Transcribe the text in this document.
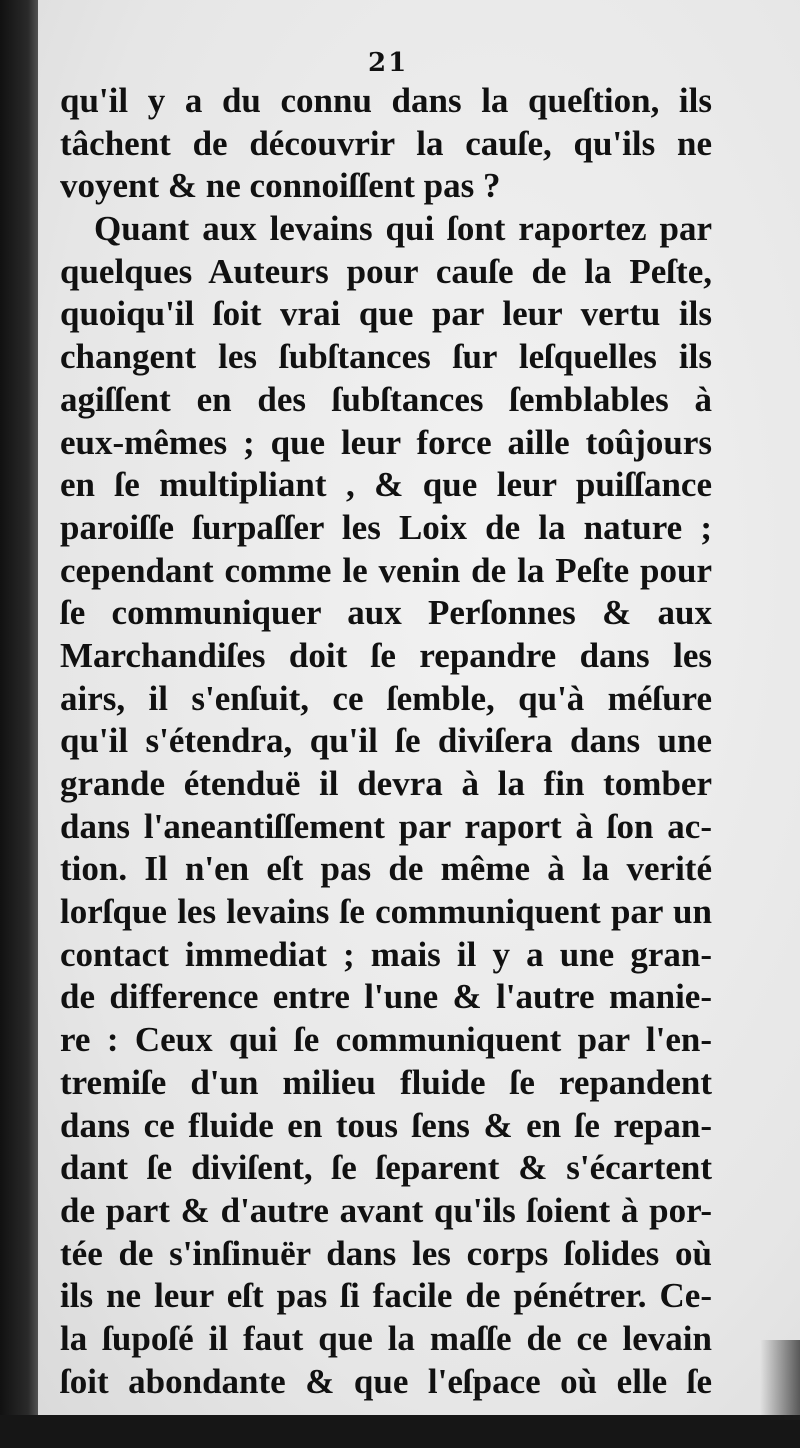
21
qu'il y a du connu dans la queſtion, ils
tâchent de découvrir la cauſe, qu'ils ne
voyent & ne connoiſſent pas ?
Quant aux levains qui ſont raportez par
quelques Auteurs pour cauſe de la Peſte,
quoiqu'il ſoit vrai que par leur vertu ils
changent les ſubſtances ſur leſquelles ils
agiſſent en des ſubſtances ſemblables à
eux-mêmes ; que leur force aille toûjours
en ſe multipliant , & que leur puiſſance
paroiſſe ſurpaſſer les Loix de la nature ;
cependant comme le venin de la Peſte pour
ſe communiquer aux Perſonnes & aux
Marchandiſes doit ſe repandre dans les
airs, il s'enſuit, ce ſemble, qu'à méſure
qu'il s'étendra, qu'il ſe diviſera dans une
grande étenduë il devra à la fin tomber
dans l'aneantiſſement par raport à ſon ac-
tion. Il n'en eſt pas de même à la verité
lorſque les levains ſe communiquent par un
contact immediat ; mais il y a une gran-
de difference entre l'une & l'autre manie-
re : Ceux qui ſe communiquent par l'en-
tremiſe d'un milieu fluide ſe repandent
dans ce fluide en tous ſens & en ſe repan-
dant ſe diviſent, ſe ſeparent & s'écartent
de part & d'autre avant qu'ils ſoient à por-
tée de s'inſinuër dans les corps ſolides où
ils ne leur eſt pas ſi facile de pénétrer. Ce-
la ſupoſé il faut que la maſſe de ce levain
ſoit abondante & que l'eſpace où elle ſe
